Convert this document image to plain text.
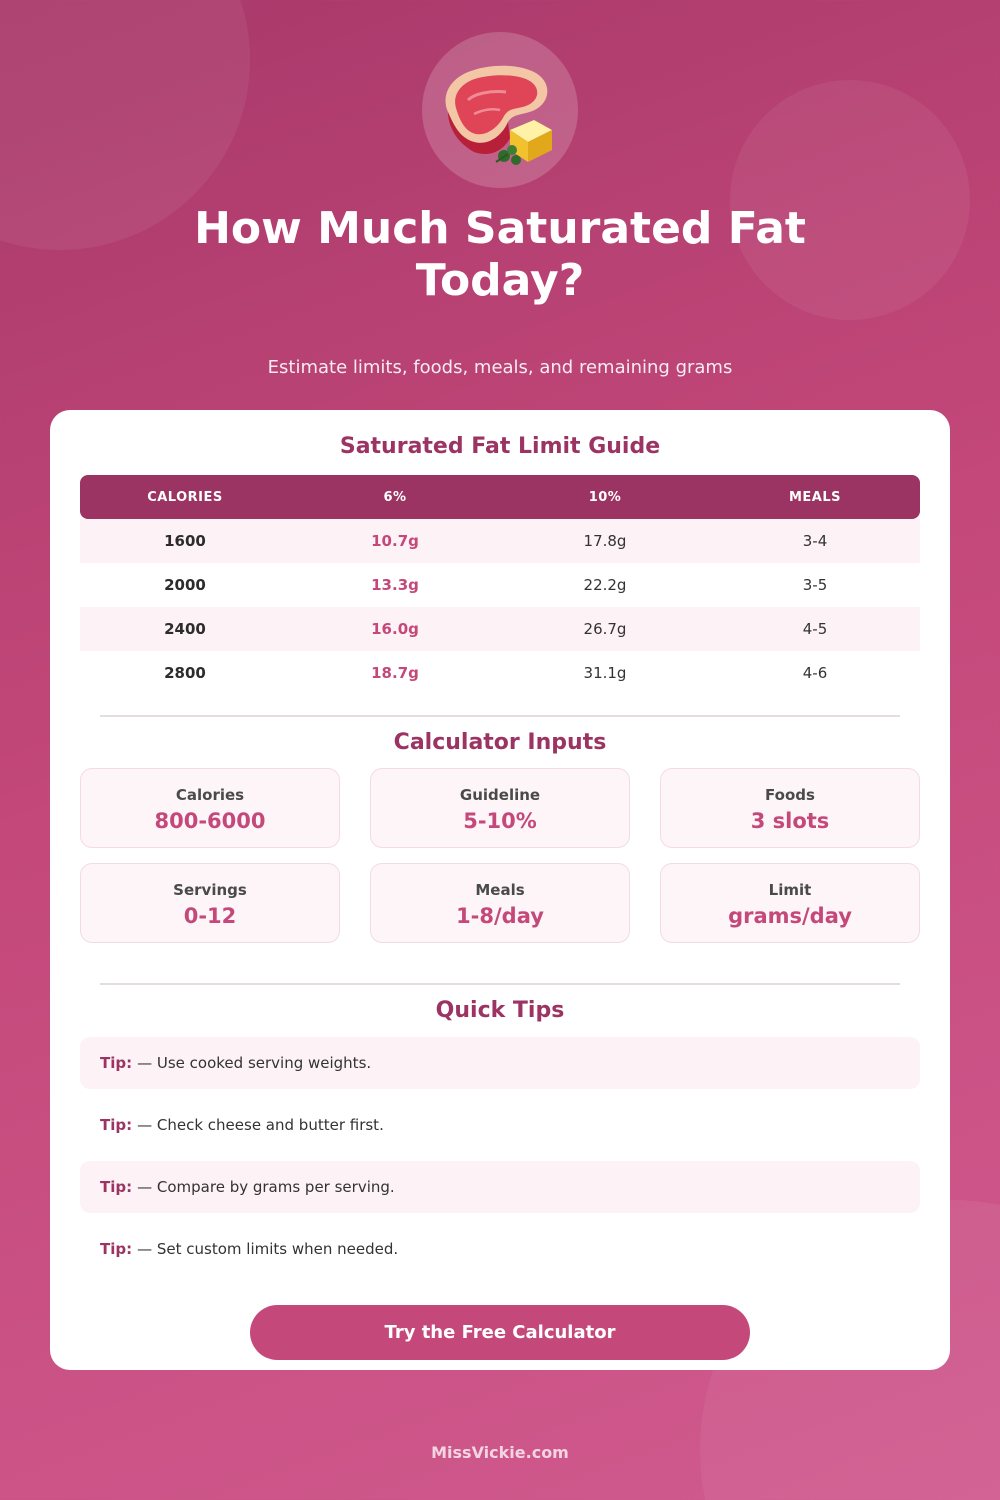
How Much Saturated Fat Today?

Estimate limits, foods, meals, and remaining grams

Saturated Fat Limit Guide
CALORIES	6%	10%	MEALS
1600	10.7g	17.8g	3-4
2000	13.3g	22.2g	3-5
2400	16.0g	26.7g	4-5
2800	18.7g	31.1g	4-6
Calculator Inputs
Calories
800-6000
Guideline
5-10%
Foods
3 slots
Servings
0-12
Meals
1-8/day
Limit
grams/day
Quick Tips
Tip: — Use cooked serving weights.
Tip: — Check cheese and butter first.
Tip: — Compare by grams per serving.
Tip: — Set custom limits when needed.
Try the Free Calculator
MissVickie.com
